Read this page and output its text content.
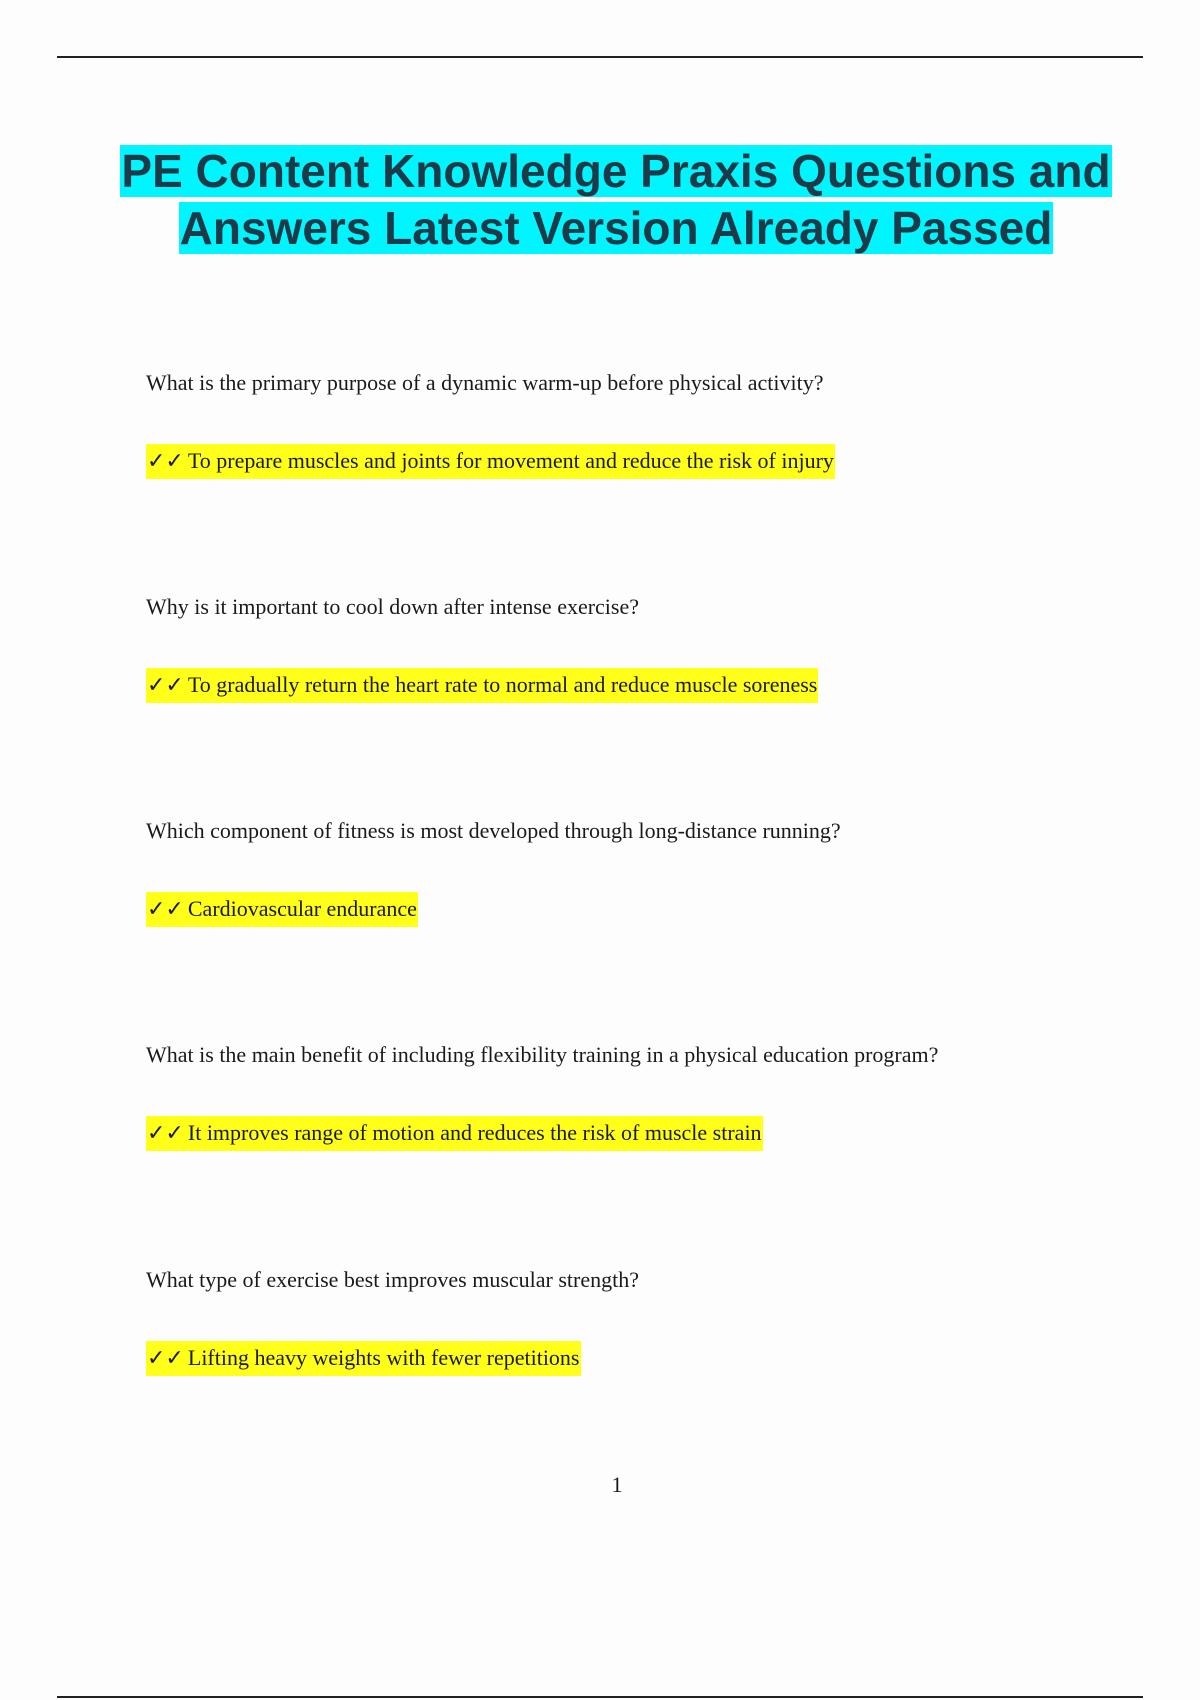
PE Content Knowledge Praxis Questions and Answers Latest Version Already Passed

What is the primary purpose of a dynamic warm-up before physical activity?

✓✓ To prepare muscles and joints for movement and reduce the risk of injury

Why is it important to cool down after intense exercise?

✓✓ To gradually return the heart rate to normal and reduce muscle soreness

Which component of fitness is most developed through long-distance running?

✓✓ Cardiovascular endurance

What is the main benefit of including flexibility training in a physical education program?

✓✓ It improves range of motion and reduces the risk of muscle strain

What type of exercise best improves muscular strength?

✓✓ Lifting heavy weights with fewer repetitions
1
